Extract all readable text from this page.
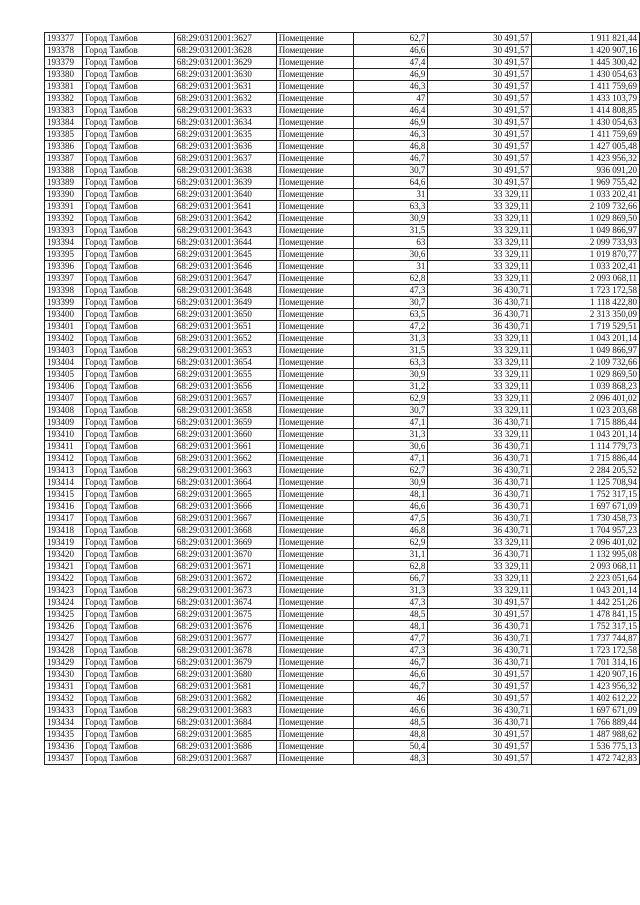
193377	Город Тамбов	68:29:0312001:3627	Помещение	62,7	30 491,57	1 911 821,44
193378	Город Тамбов	68:29:0312001:3628	Помещение	46,6	30 491,57	1 420 907,16
193379	Город Тамбов	68:29:0312001:3629	Помещение	47,4	30 491,57	1 445 300,42
193380	Город Тамбов	68:29:0312001:3630	Помещение	46,9	30 491,57	1 430 054,63
193381	Город Тамбов	68:29:0312001:3631	Помещение	46,3	30 491,57	1 411 759,69
193382	Город Тамбов	68:29:0312001:3632	Помещение	47	30 491,57	1 433 103,79
193383	Город Тамбов	68:29:0312001:3633	Помещение	46,4	30 491,57	1 414 808,85
193384	Город Тамбов	68:29:0312001:3634	Помещение	46,9	30 491,57	1 430 054,63
193385	Город Тамбов	68:29:0312001:3635	Помещение	46,3	30 491,57	1 411 759,69
193386	Город Тамбов	68:29:0312001:3636	Помещение	46,8	30 491,57	1 427 005,48
193387	Город Тамбов	68:29:0312001:3637	Помещение	46,7	30 491,57	1 423 956,32
193388	Город Тамбов	68:29:0312001:3638	Помещение	30,7	30 491,57	936 091,20
193389	Город Тамбов	68:29:0312001:3639	Помещение	64,6	30 491,57	1 969 755,42
193390	Город Тамбов	68:29:0312001:3640	Помещение	31	33 329,11	1 033 202,41
193391	Город Тамбов	68:29:0312001:3641	Помещение	63,3	33 329,11	2 109 732,66
193392	Город Тамбов	68:29:0312001:3642	Помещение	30,9	33 329,11	1 029 869,50
193393	Город Тамбов	68:29:0312001:3643	Помещение	31,5	33 329,11	1 049 866,97
193394	Город Тамбов	68:29:0312001:3644	Помещение	63	33 329,11	2 099 733,93
193395	Город Тамбов	68:29:0312001:3645	Помещение	30,6	33 329,11	1 019 870,77
193396	Город Тамбов	68:29:0312001:3646	Помещение	31	33 329,11	1 033 202,41
193397	Город Тамбов	68:29:0312001:3647	Помещение	62,8	33 329,11	2 093 068,11
193398	Город Тамбов	68:29:0312001:3648	Помещение	47,3	36 430,71	1 723 172,58
193399	Город Тамбов	68:29:0312001:3649	Помещение	30,7	36 430,71	1 118 422,80
193400	Город Тамбов	68:29:0312001:3650	Помещение	63,5	36 430,71	2 313 350,09
193401	Город Тамбов	68:29:0312001:3651	Помещение	47,2	36 430,71	1 719 529,51
193402	Город Тамбов	68:29:0312001:3652	Помещение	31,3	33 329,11	1 043 201,14
193403	Город Тамбов	68:29:0312001:3653	Помещение	31,5	33 329,11	1 049 866,97
193404	Город Тамбов	68:29:0312001:3654	Помещение	63,3	33 329,11	2 109 732,66
193405	Город Тамбов	68:29:0312001:3655	Помещение	30,9	33 329,11	1 029 869,50
193406	Город Тамбов	68:29:0312001:3656	Помещение	31,2	33 329,11	1 039 868,23
193407	Город Тамбов	68:29:0312001:3657	Помещение	62,9	33 329,11	2 096 401,02
193408	Город Тамбов	68:29:0312001:3658	Помещение	30,7	33 329,11	1 023 203,68
193409	Город Тамбов	68:29:0312001:3659	Помещение	47,1	36 430,71	1 715 886,44
193410	Город Тамбов	68:29:0312001:3660	Помещение	31,3	33 329,11	1 043 201,14
193411	Город Тамбов	68:29:0312001:3661	Помещение	30,6	36 430,71	1 114 779,73
193412	Город Тамбов	68:29:0312001:3662	Помещение	47,1	36 430,71	1 715 886,44
193413	Город Тамбов	68:29:0312001:3663	Помещение	62,7	36 430,71	2 284 205,52
193414	Город Тамбов	68:29:0312001:3664	Помещение	30,9	36 430,71	1 125 708,94
193415	Город Тамбов	68:29:0312001:3665	Помещение	48,1	36 430,71	1 752 317,15
193416	Город Тамбов	68:29:0312001:3666	Помещение	46,6	36 430,71	1 697 671,09
193417	Город Тамбов	68:29:0312001:3667	Помещение	47,5	36 430,71	1 730 458,73
193418	Город Тамбов	68:29:0312001:3668	Помещение	46,8	36 430,71	1 704 957,23
193419	Город Тамбов	68:29:0312001:3669	Помещение	62,9	33 329,11	2 096 401,02
193420	Город Тамбов	68:29:0312001:3670	Помещение	31,1	36 430,71	1 132 995,08
193421	Город Тамбов	68:29:0312001:3671	Помещение	62,8	33 329,11	2 093 068,11
193422	Город Тамбов	68:29:0312001:3672	Помещение	66,7	33 329,11	2 223 051,64
193423	Город Тамбов	68:29:0312001:3673	Помещение	31,3	33 329,11	1 043 201,14
193424	Город Тамбов	68:29:0312001:3674	Помещение	47,3	30 491,57	1 442 251,26
193425	Город Тамбов	68:29:0312001:3675	Помещение	48,5	30 491,57	1 478 841,15
193426	Город Тамбов	68:29:0312001:3676	Помещение	48,1	36 430,71	1 752 317,15
193427	Город Тамбов	68:29:0312001:3677	Помещение	47,7	36 430,71	1 737 744,87
193428	Город Тамбов	68:29:0312001:3678	Помещение	47,3	36 430,71	1 723 172,58
193429	Город Тамбов	68:29:0312001:3679	Помещение	46,7	36 430,71	1 701 314,16
193430	Город Тамбов	68:29:0312001:3680	Помещение	46,6	30 491,57	1 420 907,16
193431	Город Тамбов	68:29:0312001:3681	Помещение	46,7	30 491,57	1 423 956,32
193432	Город Тамбов	68:29:0312001:3682	Помещение	46	30 491,57	1 402 612,22
193433	Город Тамбов	68:29:0312001:3683	Помещение	46,6	36 430,71	1 697 671,09
193434	Город Тамбов	68:29:0312001:3684	Помещение	48,5	36 430,71	1 766 889,44
193435	Город Тамбов	68:29:0312001:3685	Помещение	48,8	30 491,57	1 487 988,62
193436	Город Тамбов	68:29:0312001:3686	Помещение	50,4	30 491,57	1 536 775,13
193437	Город Тамбов	68:29:0312001:3687	Помещение	48,3	30 491,57	1 472 742,83
